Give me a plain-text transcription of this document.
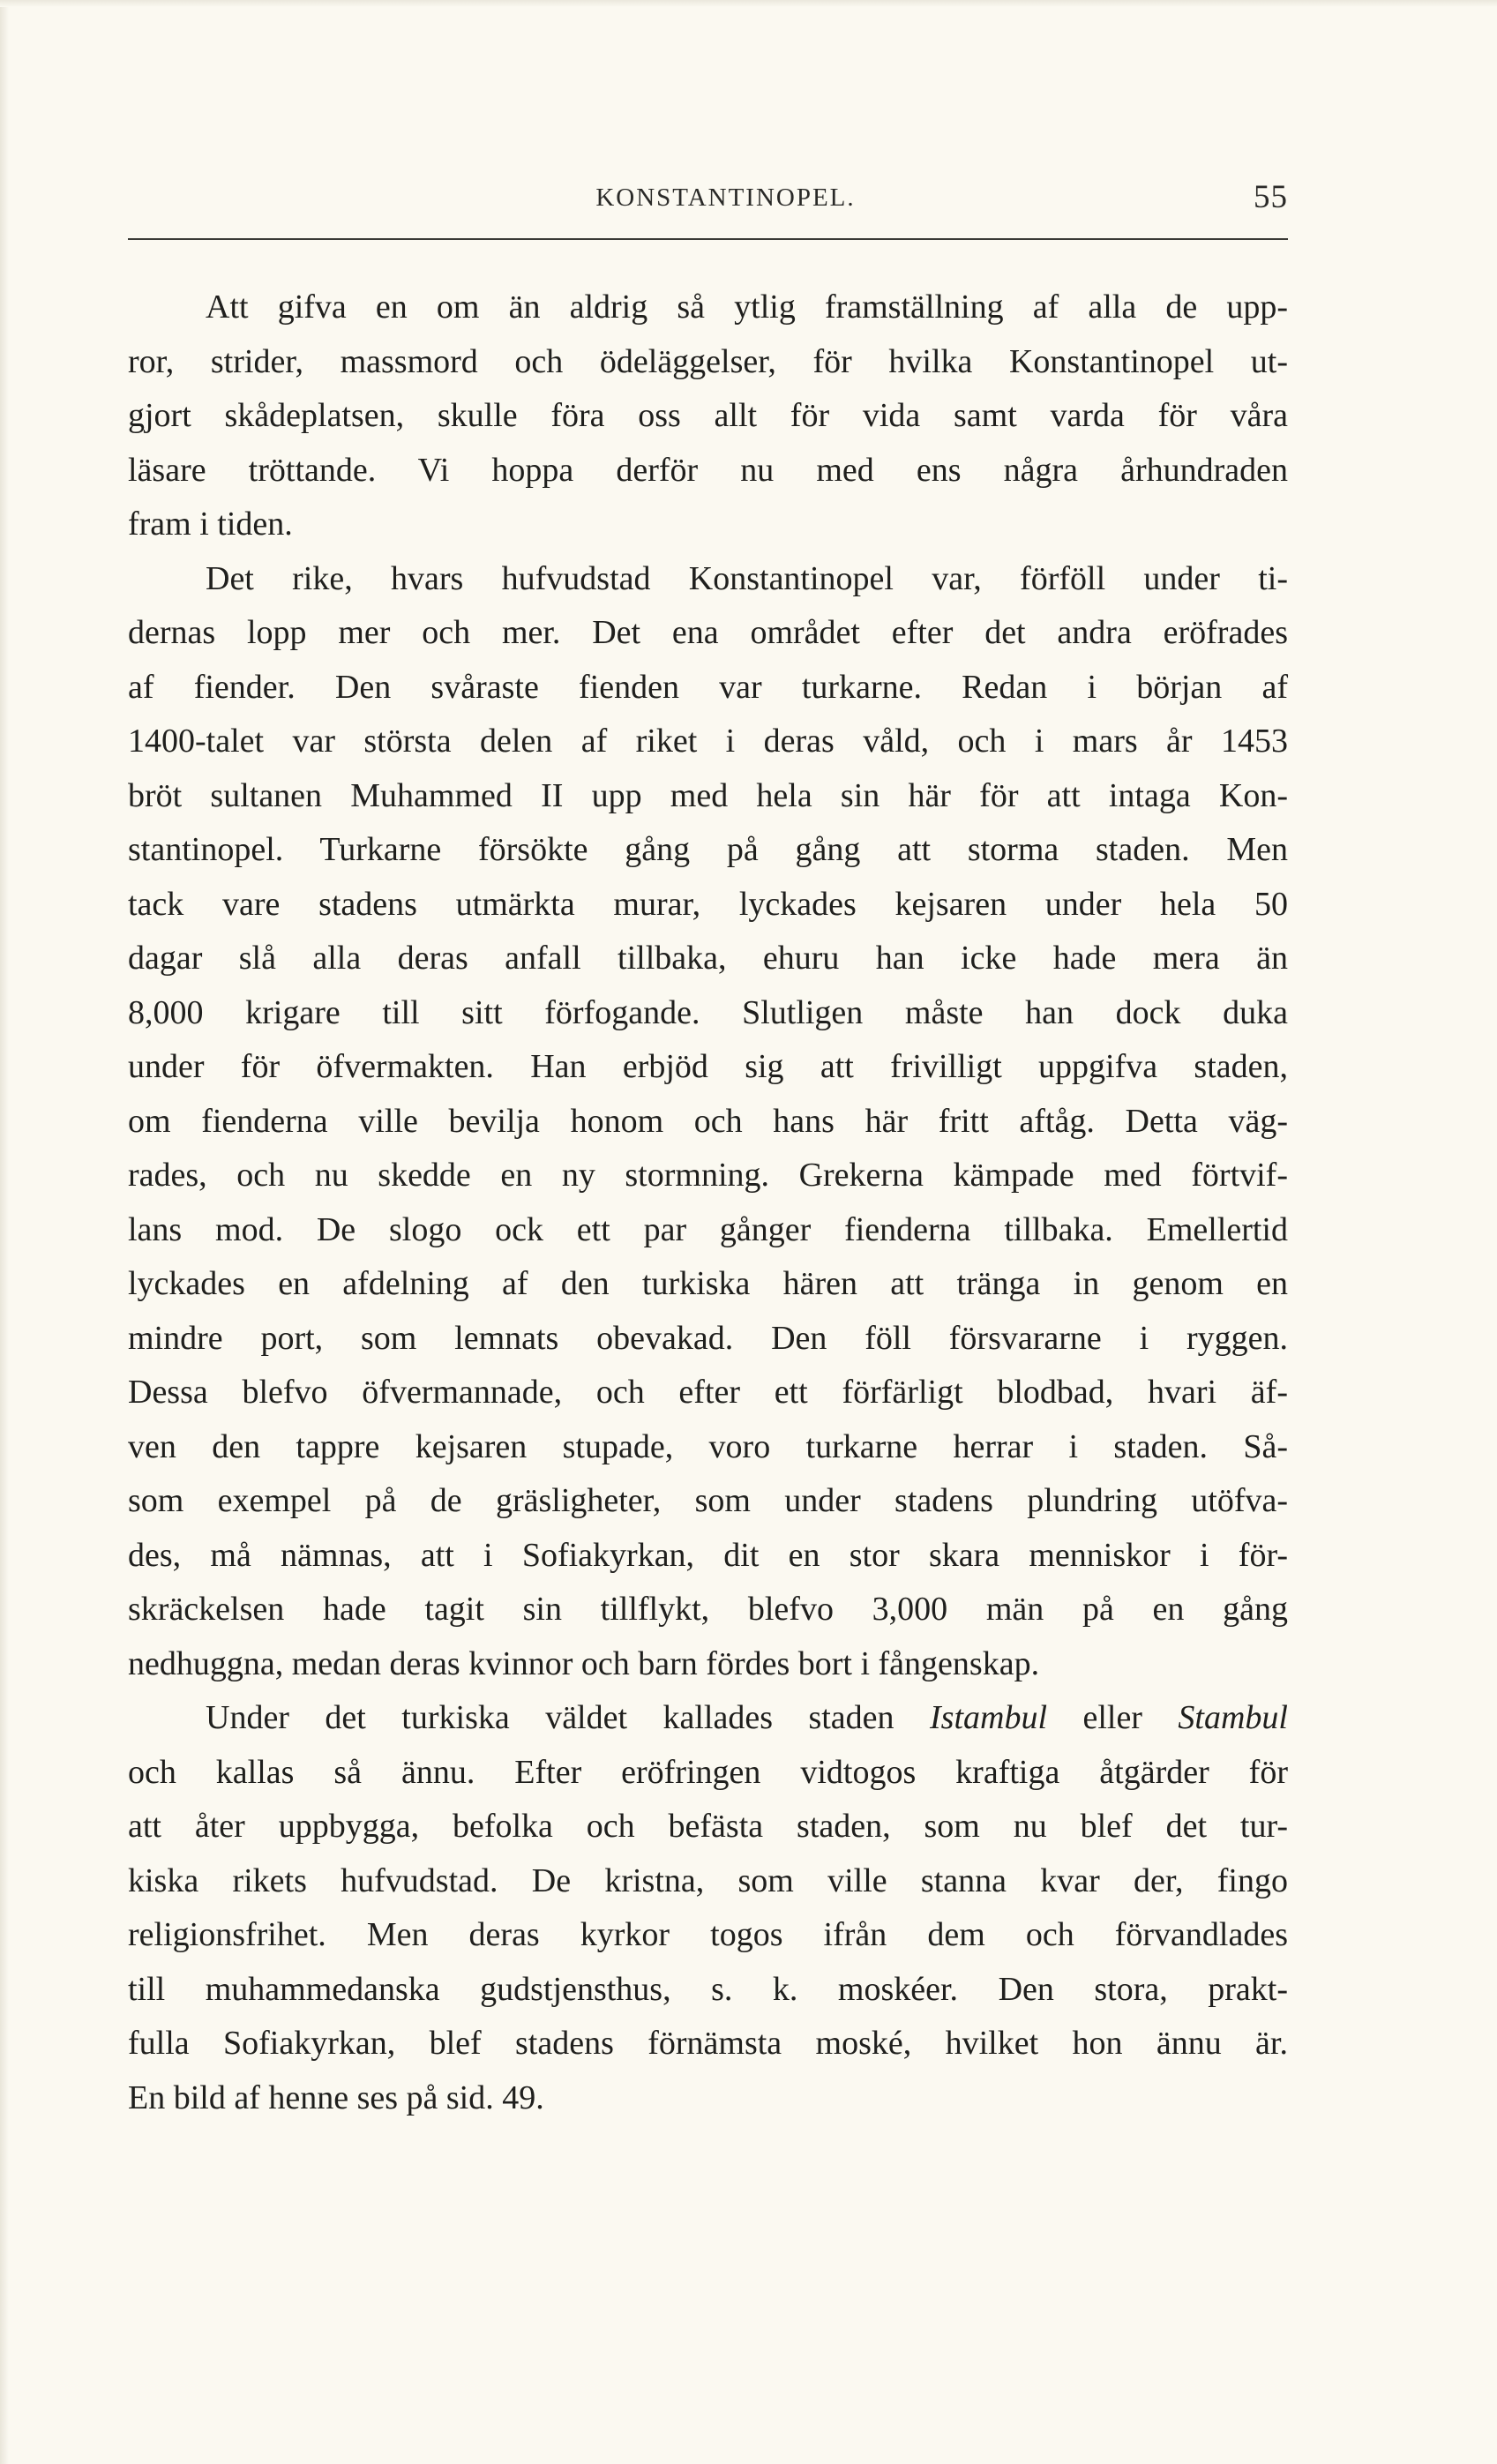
KONSTANTINOPEL.	55

Att gifva en om än aldrig så ytlig framställning af alla de upp-
ror, strider, massmord och ödeläggelser, för hvilka Konstantinopel ut-
gjort skådeplatsen, skulle föra oss allt för vida samt varda för våra
läsare tröttande. Vi hoppa derför nu med ens några århundraden
fram i tiden.

Det rike, hvars hufvudstad Konstantinopel var, förföll under ti-
dernas lopp mer och mer. Det ena området efter det andra eröfrades
af fiender. Den svåraste fienden var turkarne. Redan i början af
1400-talet var största delen af riket i deras våld, och i mars år 1453
bröt sultanen Muhammed II upp med hela sin här för att intaga Kon-
stantinopel. Turkarne försökte gång på gång att storma staden. Men
tack vare stadens utmärkta murar, lyckades kejsaren under hela 50
dagar slå alla deras anfall tillbaka, ehuru han icke hade mera än
8,000 krigare till sitt förfogande. Slutligen måste han dock duka
under för öfvermakten. Han erbjöd sig att frivilligt uppgifva staden,
om fienderna ville bevilja honom och hans här fritt aftåg. Detta väg-
rades, och nu skedde en ny stormning. Grekerna kämpade med förtvif-
lans mod. De slogo ock ett par gånger fienderna tillbaka. Emellertid
lyckades en afdelning af den turkiska hären att tränga in genom en
mindre port, som lemnats obevakad. Den föll försvararne i ryggen.
Dessa blefvo öfvermannade, och efter ett förfärligt blodbad, hvari äf-
ven den tappre kejsaren stupade, voro turkarne herrar i staden. Så-
som exempel på de gräsligheter, som under stadens plundring utöfva-
des, må nämnas, att i Sofiakyrkan, dit en stor skara menniskor i för-
skräckelsen hade tagit sin tillflykt, blefvo 3,000 män på en gång
nedhuggna, medan deras kvinnor och barn fördes bort i fångenskap.

Under det turkiska väldet kallades staden Istambul eller Stambul
och kallas så ännu. Efter eröfringen vidtogos kraftiga åtgärder för
att åter uppbygga, befolka och befästa staden, som nu blef det tur-
kiska rikets hufvudstad. De kristna, som ville stanna kvar der, fingo
religionsfrihet. Men deras kyrkor togos ifrån dem och förvandlades
till muhammedanska gudstjensthus, s. k. moskéer. Den stora, prakt-
fulla Sofiakyrkan, blef stadens förnämsta moské, hvilket hon ännu är.
En bild af henne ses på sid. 49.
